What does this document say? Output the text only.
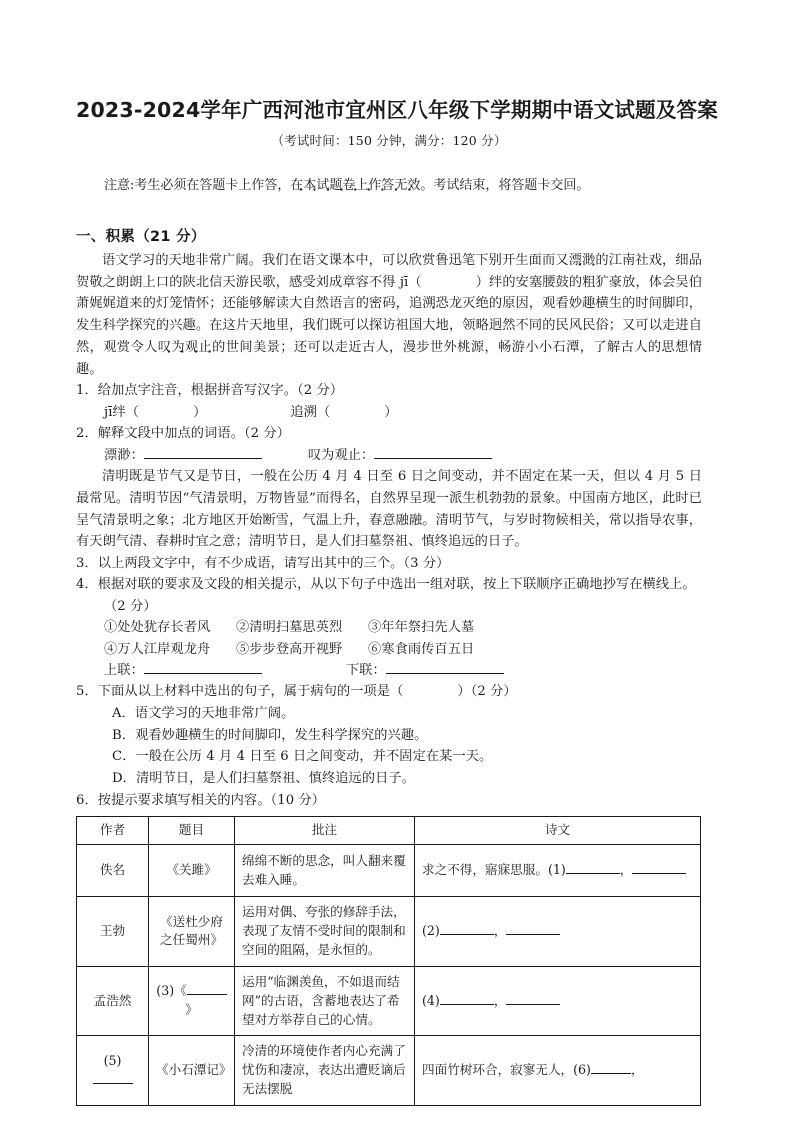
2023-2024学年广西河池市宜州区八年级下学期期中语文试题及答案
（考试时间：150 分钟，满分：120 分）

注意:考生必须在答题卡上作答，在本试题卷上作答无效。考试结束，将答题卡交回。

一、积累（21 分）

语文学习的天地非常广阔。我们在语文课本中，可以欣赏鲁迅笔下别开生面而又漂渺的江南社戏，细品贺敬之朗朗上口的陕北信天游民歌，感受刘成章容不得 jī（	）绊的安塞腰鼓的粗犷豪放，体会吴伯萧娓娓道来的灯笼情怀；还能够解读大自然语言的密码，追溯恐龙灭绝的原因，观看妙趣横生的时间脚印，发生科学探究的兴趣。在这片天地里，我们既可以探访祖国大地，领略迥然不同的民风民俗；又可以走进自然，观赏令人叹为观止的世间美景；还可以走近古人，漫步世外桃源，畅游小小石潭，了解古人的思想情趣。

1．给加点字注音，根据拼音写汉字。（2 分）

jī绊（	）	追溯（	）

2．解释文段中加点的词语。（2 分）

漂渺：	叹为观止：

清明既是节气又是节日，一般在公历 4 月 4 日至 6 日之间变动，并不固定在某一天，但以 4 月 5 日最常见。清明节因“气清景明，万物皆显”而得名，自然界呈现一派生机勃勃的景象。中国南方地区，此时已呈气清景明之象；北方地区开始断雪，气温上升，春意融融。清明节气，与岁时物候相关，常以指导农事，有天朗气清、春耕时宜之意；清明节日，是人们扫墓祭祖、慎终追远的日子。

3．以上两段文字中，有不少成语，请写出其中的三个。（3 分）

4．根据对联的要求及文段的相关提示，从以下句子中选出一组对联，按上下联顺序正确地抄写在横线上。

（2 分）

①处处犹存长者风 ②清明扫墓思英烈 ③年年祭扫先人墓

④万人江岸观龙舟 ⑤步步登高开视野 ⑥寒食雨传百五日

上联：	下联：

5．下面从以上材料中选出的句子，属于病句的一项是（	）（2 分）

A．语文学习的天地非常广阔。

B．观看妙趣横生的时间脚印，发生科学探究的兴趣。

C．一般在公历 4 月 4 日至 6 日之间变动，并不固定在某一天。

D．清明节日，是人们扫墓祭祖、慎终追远的日子。

6．按提示要求填写相关的内容。（10 分）

作者	题目	批注	诗文
佚名	《关雎》	绵绵不断的思念，叫人翻来覆去难入睡。	求之不得，寤寐思服。(1) ，
王勃	《送杜少府之任蜀州》	运用对偶、夸张的修辞手法，表现了友情不受时间的限制和空间的阻隔，是永恒的。	(2) ，
孟浩然	(3)《》	运用“临渊羡鱼，不如退而结网”的古语，含蓄地表达了希望对方举荐自己的心情。	(4) ，
(5)	《小石潭记》	冷清的环境使作者内心充满了忧伤和凄凉，表达出遭贬谪后无法摆脱	四面竹树环合，寂寥无人，(6) ，
